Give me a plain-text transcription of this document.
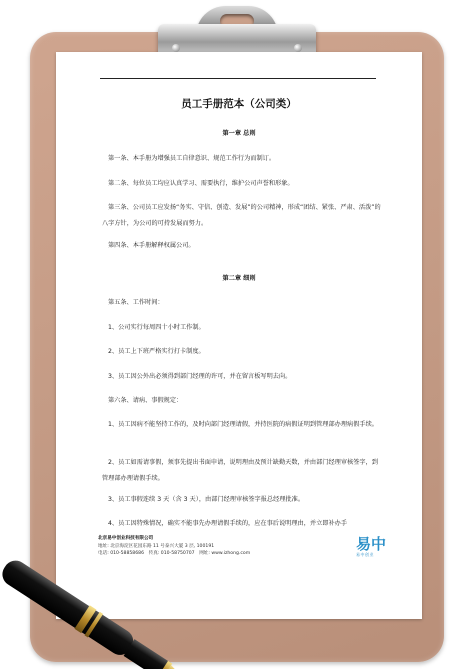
员工手册范本（公司类）
第一章 总则

第一条、本手册为增强员工自律意识、规范工作行为而制订。

第二条、每位员工均应认真学习、需要执行，维护公司声誉和形象。

第三条、公司员工应发扬“务实、守信、创造、发展”的公司精神，形成“团结、紧张、严肃、活泼”的八字方针，为公司的可持发展而努力。

第四条、本手册解释权属公司。

第二章 细则

第五条、工作时间：

1、公司实行每周四十小时工作制。

2、员工上下班严格实行打卡制度。

3、员工因公外出必须得到部门经理的许可，并在留言板写明去向。

第六条、请病、事假规定：

1、员工因病不能坚持工作的，及时向部门经理请假，并持医院的病假证明到管理部办理病假手续。

2、员工如需请事假，须事先提出书面申请，说明理由及预计缺勤天数，并由部门经理审核签字，到管理部办理请假手续。

3、员工事假连续 3 天（含 3 天），由部门经理审核签字报总经理批准。

4、员工因特殊情况，确实不能事先办理请假手续的，应在事后说明理由，并立即补办手

北京易中创业科技有限公司
地址: 北京海淀区花园东路 11 号泰兴大厦 3 层, 100191
电话: 010-58858686　传真: 010-58750707　网址: www.izhong.com
易中
易中创业
